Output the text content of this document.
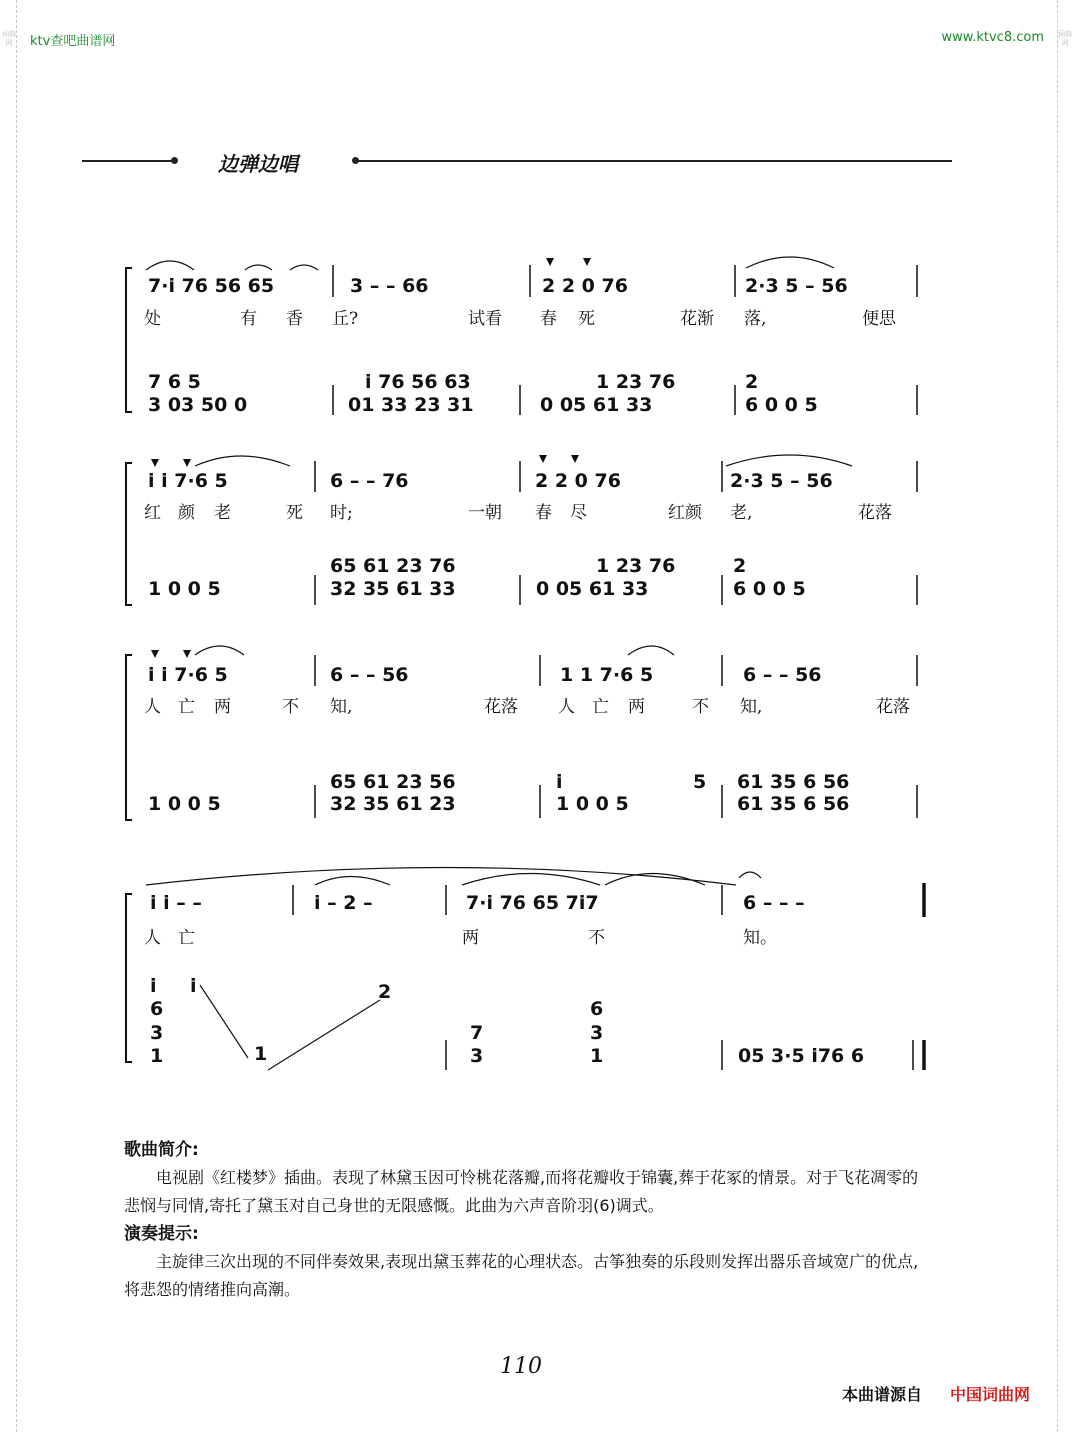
词曲网
词曲网
ktv查吧曲谱网	www.ktvc8.com
边弹边唱
7·i 76 56 65	3 – – 66	2 2 0 76	2·3 5 – 56
i i 7·6 5	6 – – 76	2 2 0 76	2·3 5 – 56
i i 7·6 5	6 – – 56	1 1 7·6 5	6 – – 56
i i – –	i – 2 –	7·i 76 65 7i7	6 – – –
处	有 香 丘?	试看 春 死	花渐 落,	便思
红 颜 老	死 时;	一朝 春 尽	红颜 老,	花落
人 亡 两	不 知,	花落 人 亡 两	不 知,	花落
人 亡	两	不	知。
7 6 5
3 03 50 0
i 76 56 63
01 33 23 31
1 23 76
0 05 61 33
2
6 0 0 5
65 61 23 76
32 35 61 33
1 23 76
0 05 61 33
2
6 0 0 5
1 0 0 5
65 61 23 56
32 35 61 23
i
1 0 0 5
5 61 35 6 56
61 35 6 56
1 0 0 5
i
6
3
1
i
1
2
7
3
6
3
1	05 3·5 i76 6
歌曲简介:
电视剧《红楼梦》插曲。表现了林黛玉因可怜桃花落瓣,而将花瓣收于锦囊,葬于花冢的情景。对于飞花凋零的悲悯与同情,寄托了黛玉对自己身世的无限感慨。此曲为六声音阶羽(6)调式。
演奏提示:
主旋律三次出现的不同伴奏效果,表现出黛玉葬花的心理状态。古筝独奏的乐段则发挥出器乐音域宽广的优点,将悲怨的情绪推向高潮。
110
本曲谱源自 中国词曲网
